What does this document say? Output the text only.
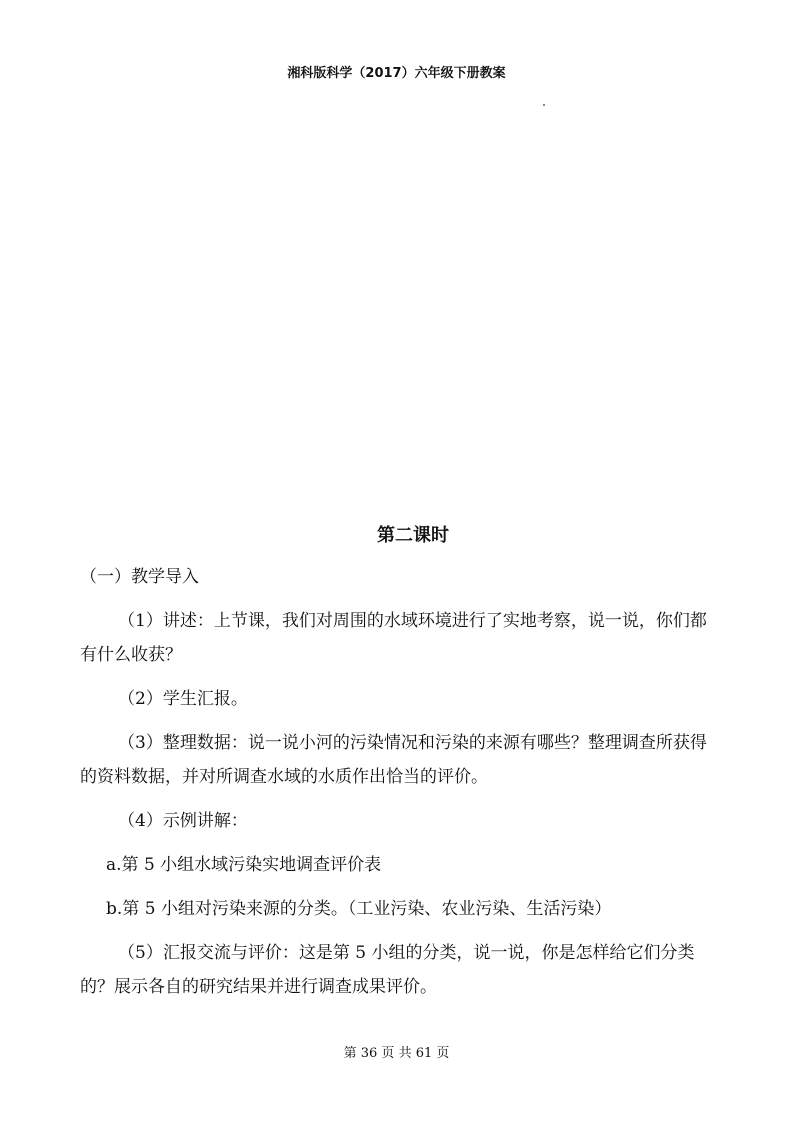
湘科版科学（2017）六年级下册教案
第二课时

（一）教学导入

（1）讲述：上节课，我们对周围的水域环境进行了实地考察，说一说，你们都有什么收获？

（2）学生汇报。

（3）整理数据：说一说小河的污染情况和污染的来源有哪些？整理调查所获得的资料数据，并对所调查水域的水质作出恰当的评价。

（4）示例讲解：

a.第 5 小组水域污染实地调查评价表

b.第 5 小组对污染来源的分类。（工业污染、农业污染、生活污染）

（5）汇报交流与评价：这是第 5 小组的分类，说一说，你是怎样给它们分类的？展示各自的研究结果并进行调查成果评价。

第 36 页 共 61 页
